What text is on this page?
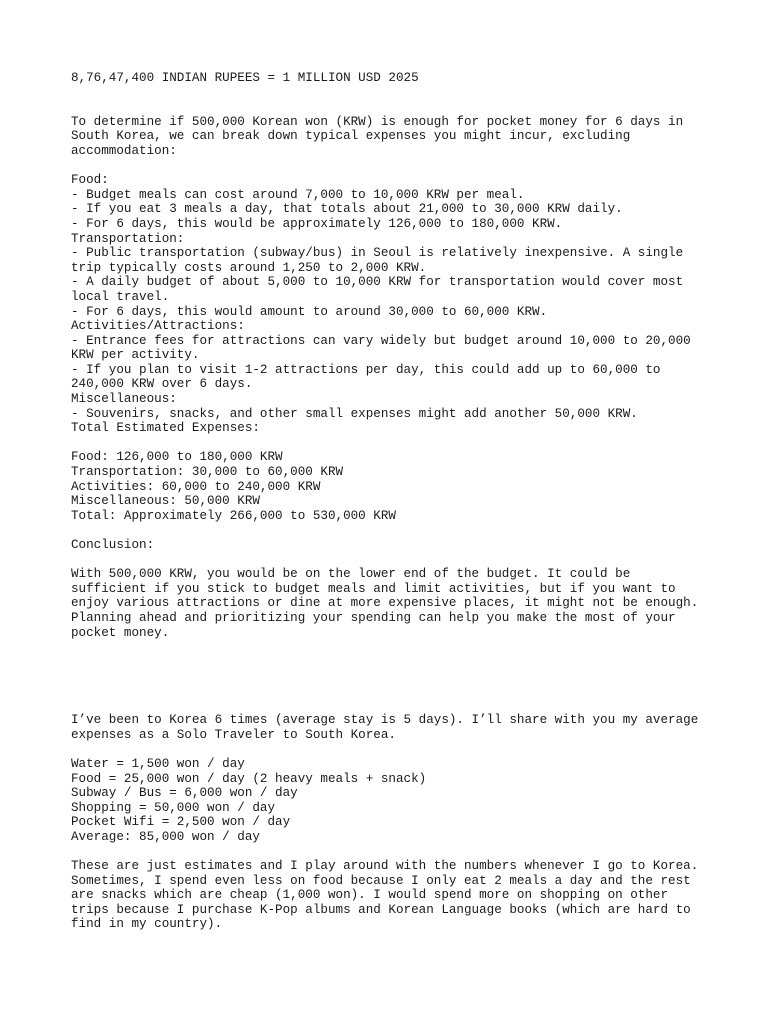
8,76,47,400 INDIAN RUPEES = 1 MILLION USD 2025
To determine if 500,000 Korean won (KRW) is enough for pocket money for 6 days in
South Korea, we can break down typical expenses you might incur, excluding
accommodation:
Food:
- Budget meals can cost around 7,000 to 10,000 KRW per meal.
- If you eat 3 meals a day, that totals about 21,000 to 30,000 KRW daily.
- For 6 days, this would be approximately 126,000 to 180,000 KRW.
Transportation:
- Public transportation (subway/bus) in Seoul is relatively inexpensive. A single
trip typically costs around 1,250 to 2,000 KRW.
- A daily budget of about 5,000 to 10,000 KRW for transportation would cover most
local travel.
- For 6 days, this would amount to around 30,000 to 60,000 KRW.
Activities/Attractions:
- Entrance fees for attractions can vary widely but budget around 10,000 to 20,000
KRW per activity.
- If you plan to visit 1-2 attractions per day, this could add up to 60,000 to
240,000 KRW over 6 days.
Miscellaneous:
- Souvenirs, snacks, and other small expenses might add another 50,000 KRW.
Total Estimated Expenses:
Food: 126,000 to 180,000 KRW
Transportation: 30,000 to 60,000 KRW
Activities: 60,000 to 240,000 KRW
Miscellaneous: 50,000 KRW
Total: Approximately 266,000 to 530,000 KRW
Conclusion:
With 500,000 KRW, you would be on the lower end of the budget. It could be
sufficient if you stick to budget meals and limit activities, but if you want to
enjoy various attractions or dine at more expensive places, it might not be enough.
Planning ahead and prioritizing your spending can help you make the most of your
pocket money.
I’ve been to Korea 6 times (average stay is 5 days). I’ll share with you my average
expenses as a Solo Traveler to South Korea.
Water = 1,500 won / day
Food = 25,000 won / day (2 heavy meals + snack)
Subway / Bus = 6,000 won / day
Shopping = 50,000 won / day
Pocket Wifi = 2,500 won / day
Average: 85,000 won / day
These are just estimates and I play around with the numbers whenever I go to Korea.
Sometimes, I spend even less on food because I only eat 2 meals a day and the rest
are snacks which are cheap (1,000 won). I would spend more on shopping on other
trips because I purchase K-Pop albums and Korean Language books (which are hard to
find in my country).
